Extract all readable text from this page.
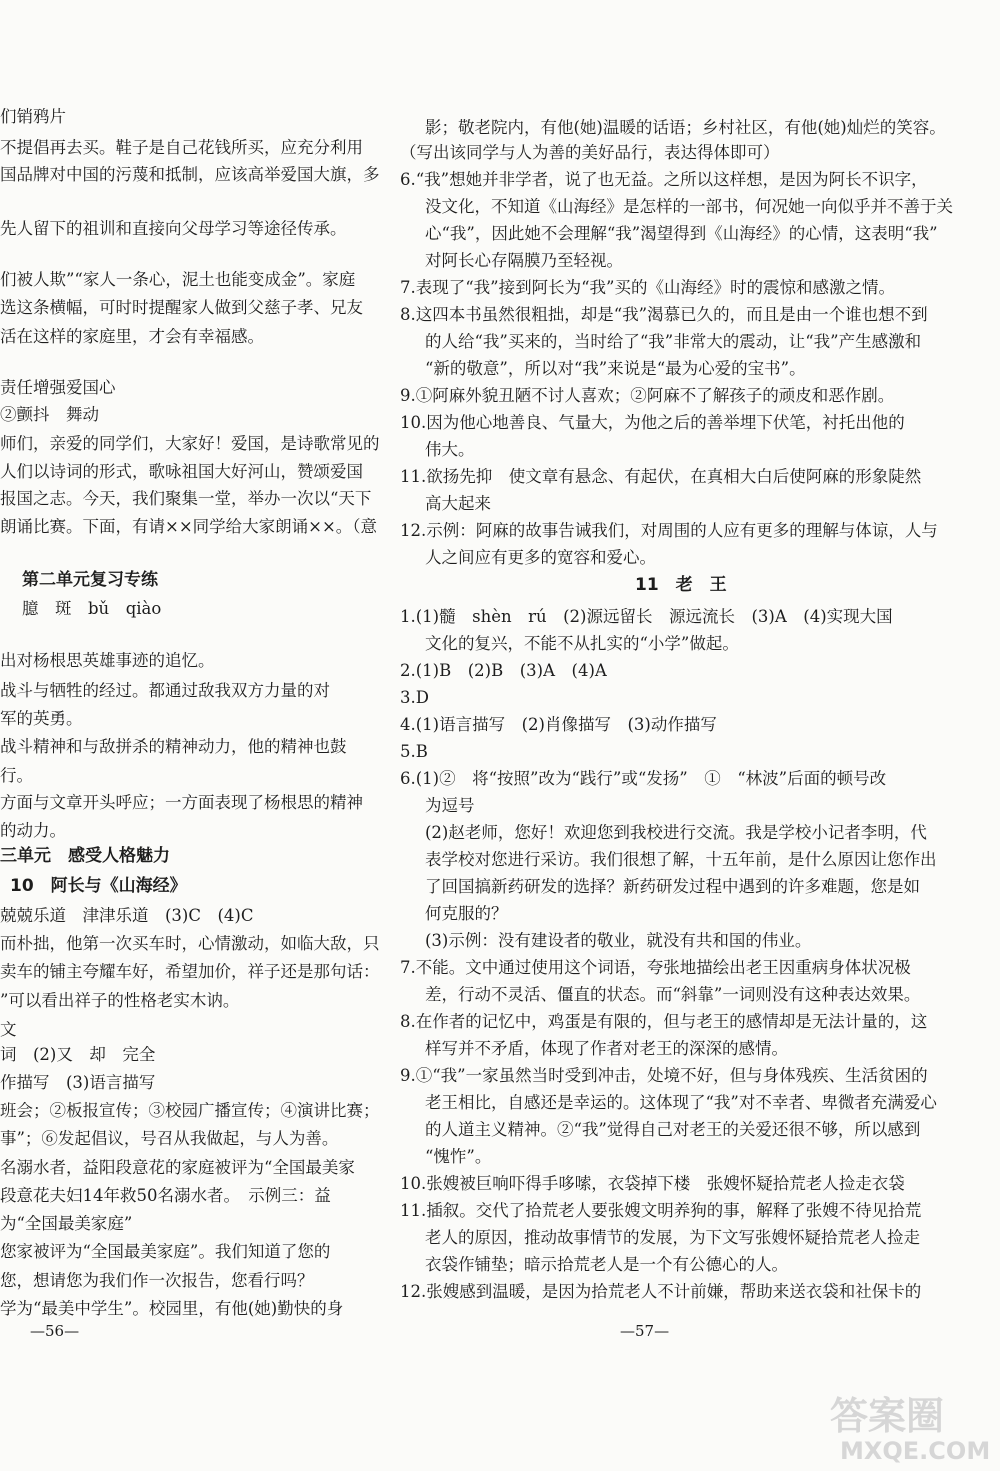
们销鸦片
不提倡再去买。鞋子是自己花钱所买，应充分利用
国品牌对中国的污蔑和抵制，应该高举爱国大旗，多
先人留下的祖训和直接向父母学习等途径传承。
们被人欺”“家人一条心，泥土也能变成金”。家庭
选这条横幅，可时时提醒家人做到父慈子孝、兄友
活在这样的家庭里，才会有幸福感。
责任增强爱国心
②颤抖　舞动
师们，亲爱的同学们，大家好！爱国，是诗歌常见的
人们以诗词的形式，歌咏祖国大好河山，赞颂爱国
报国之志。今天，我们聚集一堂，举办一次以“天下
朗诵比赛。下面，有请××同学给大家朗诵××。（意
第二单元复习专练
臆　斑　bǔ　qiào
出对杨根思英雄事迹的追忆。
战斗与牺牲的经过。都通过敌我双方力量的对
军的英勇。
战斗精神和与敌拼杀的精神动力，他的精神也鼓
行。
方面与文章开头呼应；一方面表现了杨根思的精神
的动力。
三单元　感受人格魅力
10　阿长与《山海经》
兢兢乐道　津津乐道　(3)C　(4)C
而朴拙，他第一次买车时，心情激动，如临大敌，只
卖车的铺主夸耀车好，希望加价，祥子还是那句话：
”可以看出祥子的性格老实木讷。
文
词　(2)又　却　完全
作描写　(3)语言描写
班会；②板报宣传；③校园广播宣传；④演讲比赛；
事”；⑥发起倡议，号召从我做起，与人为善。
名溺水者，益阳段意花的家庭被评为“全国最美家
段意花夫妇14年救50名溺水者。　示例三：益
为“全国最美家庭”
您家被评为“全国最美家庭”。我们知道了您的
您，想请您为我们作一次报告，您看行吗？
学为“最美中学生”。校园里，有他(她)勤快的身
—56—
影；敬老院内，有他(她)温暖的话语；乡村社区，有他(她)灿烂的笑容。
（写出该同学与人为善的美好品行，表达得体即可）
6.“我”想她并非学者，说了也无益。之所以这样想，是因为阿长不识字，
没文化，不知道《山海经》是怎样的一部书，何况她一向似乎并不善于关
心“我”，因此她不会理解“我”渴望得到《山海经》的心情，这表明“我”
对阿长心存隔膜乃至轻视。
7.表现了“我”接到阿长为“我”买的《山海经》时的震惊和感激之情。
8.这四本书虽然很粗拙，却是“我”渴慕已久的，而且是由一个谁也想不到
的人给“我”买来的，当时给了“我”非常大的震动，让“我”产生感激和
“新的敬意”，所以对“我”来说是“最为心爱的宝书”。
9.①阿麻外貌丑陋不讨人喜欢；②阿麻不了解孩子的顽皮和恶作剧。
10.因为他心地善良、气量大，为他之后的善举埋下伏笔，衬托出他的
伟大。
11.欲扬先抑　使文章有悬念、有起伏，在真相大白后使阿麻的形象陡然
高大起来
12.示例：阿麻的故事告诫我们，对周围的人应有更多的理解与体谅，人与
人之间应有更多的宽容和爱心。
11　老　王
1.(1)髓　shèn　rú　(2)源远留长　源远流长　(3)A　(4)实现大国
文化的复兴，不能不从扎实的“小学”做起。
2.(1)B　(2)B　(3)A　(4)A
3.D
4.(1)语言描写　(2)肖像描写　(3)动作描写
5.B
6.(1)②　将“按照”改为“践行”或“发扬”　①　“林波”后面的顿号改
为逗号
(2)赵老师，您好！欢迎您到我校进行交流。我是学校小记者李明，代
表学校对您进行采访。我们很想了解，十五年前，是什么原因让您作出
了回国搞新药研发的选择？新药研发过程中遇到的许多难题，您是如
何克服的？
(3)示例：没有建设者的敬业，就没有共和国的伟业。
7.不能。文中通过使用这个词语，夸张地描绘出老王因重病身体状况极
差，行动不灵活、僵直的状态。而“斜靠”一词则没有这种表达效果。
8.在作者的记忆中，鸡蛋是有限的，但与老王的感情却是无法计量的，这
样写并不矛盾，体现了作者对老王的深深的感情。
9.①“我”一家虽然当时受到冲击，处境不好，但与身体残疾、生活贫困的
老王相比，自感还是幸运的。这体现了“我”对不幸者、卑微者充满爱心
的人道主义精神。②“我”觉得自己对老王的关爱还很不够，所以感到
“愧怍”。
10.张嫂被巨响吓得手哆嗦，衣袋掉下楼　张嫂怀疑拾荒老人捡走衣袋
11.插叙。交代了拾荒老人要张嫂文明养狗的事，解释了张嫂不待见拾荒
老人的原因，推动故事情节的发展，为下文写张嫂怀疑拾荒老人捡走
衣袋作铺垫；暗示拾荒老人是一个有公德心的人。
12.张嫂感到温暖，是因为拾荒老人不计前嫌，帮助来送衣袋和社保卡的
—57—
答案圈
MXQE.COM
